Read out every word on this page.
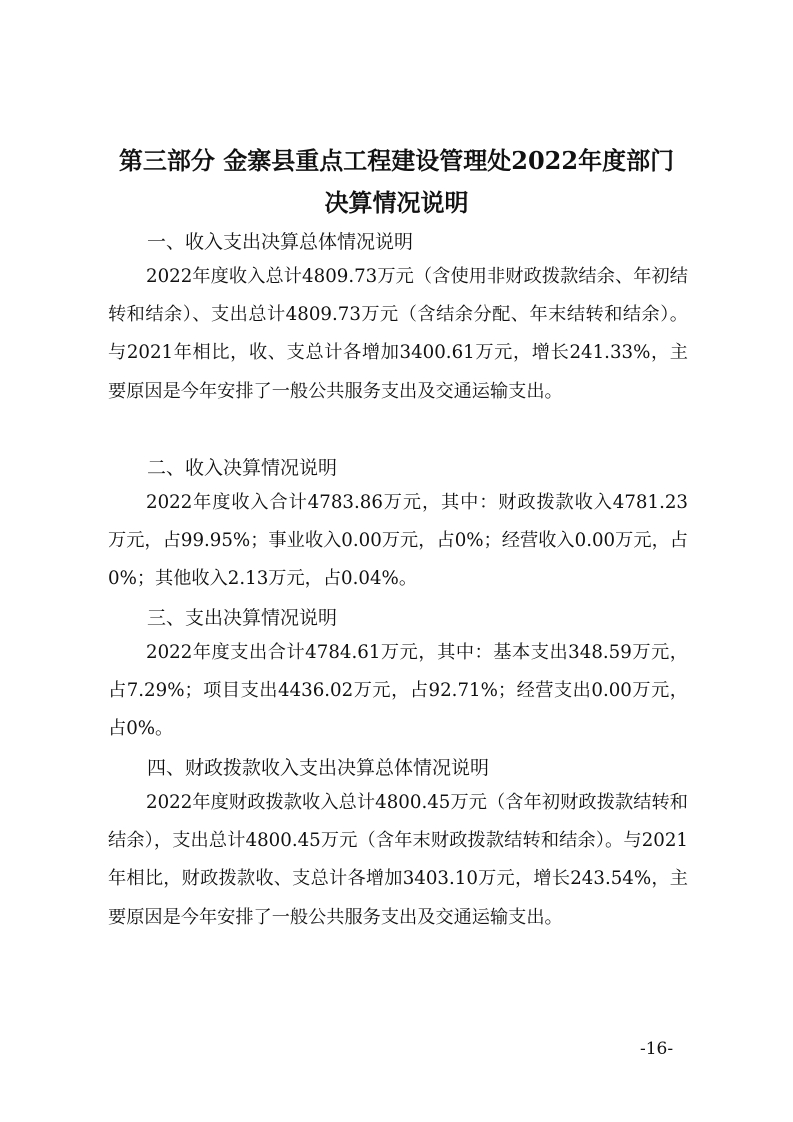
第三部分 金寨县重点工程建设管理处2022年度部门
决算情况说明
一、收入支出决算总体情况说明

2022年度收入总计4809.73万元（含使用非财政拨款结余、年初结转和结余）、支出总计4809.73万元（含结余分配、年末结转和结余）。与2021年相比，收、支总计各增加3400.61万元，增长241.33%，主要原因是今年安排了一般公共服务支出及交通运输支出。

二、收入决算情况说明

2022年度收入合计4783.86万元，其中：财政拨款收入4781.23万元，占99.95%；事业收入0.00万元，占0%；经营收入0.00万元，占0%；其他收入2.13万元，占0.04%。

三、支出决算情况说明

2022年度支出合计4784.61万元，其中：基本支出348.59万元，占7.29%；项目支出4436.02万元，占92.71%；经营支出0.00万元，占0%。

四、财政拨款收入支出决算总体情况说明

2022年度财政拨款收入总计4800.45万元（含年初财政拨款结转和结余），支出总计4800.45万元（含年末财政拨款结转和结余）。与2021年相比，财政拨款收、支总计各增加3403.10万元，增长243.54%，主要原因是今年安排了一般公共服务支出及交通运输支出。

-16-
